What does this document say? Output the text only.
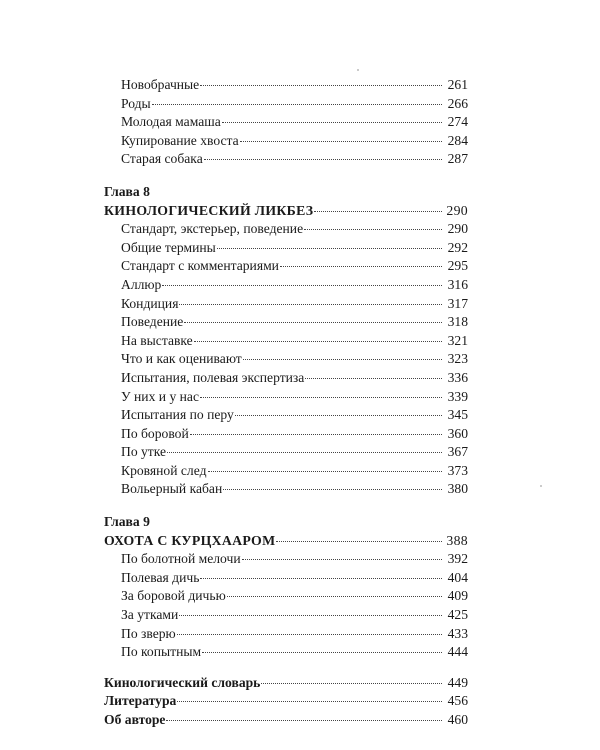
Новобрачные	261
Роды	266
Молодая мамаша	274
Купирование хвоста	284
Старая собака	287
Глава 8
КИНОЛОГИЧЕСКИЙ ЛИКБЕЗ	290
Стандарт, экстерьер, поведение	290
Общие термины	292
Стандарт с комментариями	295
Аллюр	316
Кондиция	317
Поведение	318
На выставке	321
Что и как оценивают	323
Испытания, полевая экспертиза	336
У них и у нас	339
Испытания по перу	345
По боровой	360
По утке	367
Кровяной след	373
Вольерный кабан	380
Глава 9
ОХОТА С КУРЦХААРОМ	388
По болотной мелочи	392
Полевая дичь	404
За боровой дичью	409
За утками	425
По зверю	433
По копытным	444
Кинологический словарь	449
Литература	456
Об авторе	460
